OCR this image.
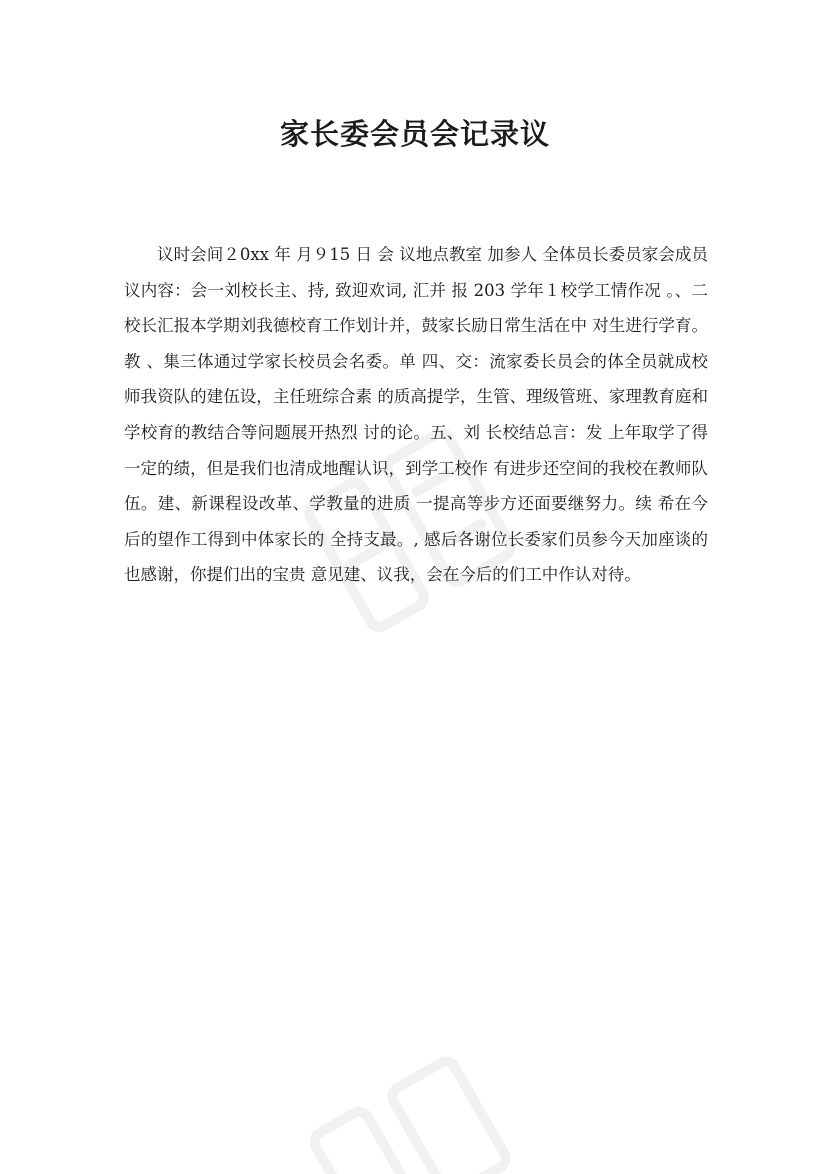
家长委会员会记录议

议时会间２0xx 年 月９15 日 会 议地点教室 加参人 全体员长委员家会成员议内容：会一刘校长主、持, 致迎欢词, 汇并 报 203 学年１校学工情作况 。、二校长汇报本学期刘我德校育工作划计并，鼓家长励日常生活在中 对生进行学育。教 、集三体通过学家长校员会名委。单 四、交：流家委长员会的体全员就成校师我资队的建伍设，主任班综合素 的质高提学，生管、理级管班、家理教育庭和学校育的教结合等问题展开热烈 讨的论。五、刘 长校结总言：发 上年取学了得一定的绩，但是我们也清成地醒认识，到学工校作 有进步还空间的我校在教师队伍。建、新课程设改革、学教量的进质 一提高等步方还面要继努力。续 希在今后的望作工得到中体家长的 全持支最。, 感后各谢位长委家们员参今天加座谈的也感谢，你提们出的宝贵 意见建、议我，会在今后的们工中作认对待。
